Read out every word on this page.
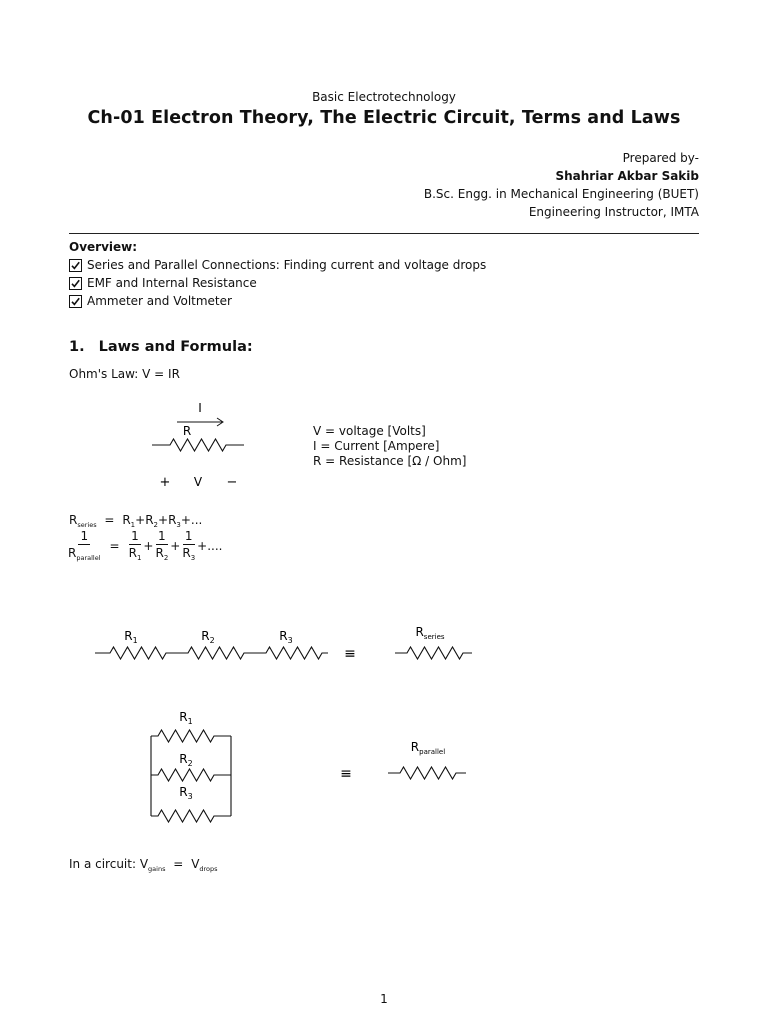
Basic Electrotechnology
Ch-01 Electron Theory, The Electric Circuit, Terms and Laws
Prepared by-
Shahriar Akbar Sakib
B.Sc. Engg. in Mechanical Engineering (BUET)
Engineering Instructor, IMTA
Overview:
Series and Parallel Connections: Finding current and voltage drops
EMF and Internal Resistance
Ammeter and Voltmeter
1. Laws and Formula:
Ohm's Law: V = IR
I
R
+ V −
V = voltage [Volts]
I = Current [Ampere]
R = Resistance [Ω / Ohm]
$R_{series} = R_1+R_2+R_3+$...
$\frac{1}{R_{parallel}} = \frac{1}{R_1} + \frac{1}{R_2} + \frac{1}{R_3}$ +....
$R_1$	$R_2$	$R_3$
≡
$R_{series}$
$R_1$
$R_2$
$R_3$
≡
$R_{parallel}$
In a circuit: $V_{gains} = V_{drops}$
1
